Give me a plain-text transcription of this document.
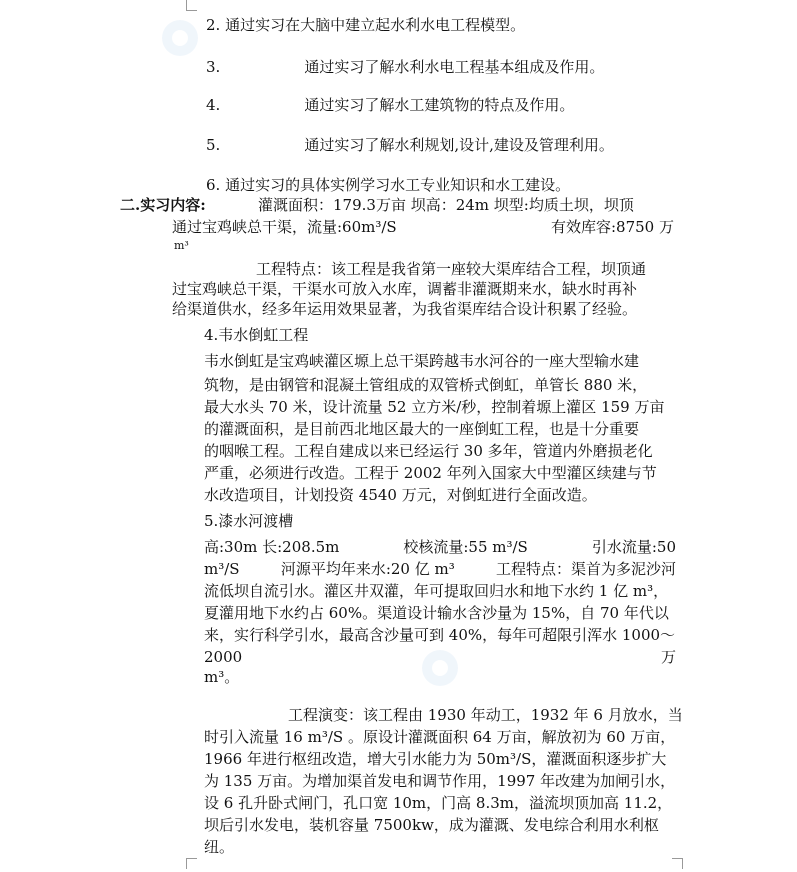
2. 通过实习在大脑中建立起水利水电工程模型。
3.	通过实习了解水利水电工程基本组成及作用。
4.	通过实习了解水工建筑物的特点及作用。
5.	通过实习了解水利规划,设计,建设及管理利用。
6. 通过实习的具体实例学习水工专业知识和水工建设。
二.实习内容:	灌溉面积：179.3万亩 坝高：24m 坝型:均质土坝，坝顶
通过宝鸡峡总干渠，流量:60m³/S	有效库容:8750 万
m³
工程特点：该工程是我省第一座较大渠库结合工程，坝顶通
过宝鸡峡总干渠，干渠水可放入水库，调蓄非灌溉期来水，缺水时再补
给渠道供水，经多年运用效果显著，为我省渠库结合设计积累了经验。
4.韦水倒虹工程
韦水倒虹是宝鸡峡灌区塬上总干渠跨越韦水河谷的一座大型输水建
筑物，是由钢管和混凝土管组成的双管桥式倒虹，单管长 880 米，
最大水头 70 米，设计流量 52 立方米/秒，控制着塬上灌区 159 万亩
的灌溉面积，是目前西北地区最大的一座倒虹工程，也是十分重要
的咽喉工程。工程自建成以来已经运行 30 多年，管道内外磨损老化
严重，必须进行改造。工程于 2002 年列入国家大中型灌区续建与节
水改造项目，计划投资 4540 万元，对倒虹进行全面改造。
5.漆水河渡槽
高:30m 长:208.5m	校核流量:55 m³/S	引水流量:50
m³/S	河源平均年来水:20 亿 m³	工程特点：渠首为多泥沙河
流低坝自流引水。灌区井双灌，年可提取回归水和地下水约 1 亿 m³，
夏灌用地下水约占 60%。渠道设计输水含沙量为 15%，自 70 年代以
来，实行科学引水，最高含沙量可到 40%，每年可超限引浑水 1000～
2000	万
m³。
工程演变：该工程由 1930 年动工，1932 年 6 月放水，当
时引入流量 16 m³/S 。原设计灌溉面积 64 万亩，解放初为 60 万亩，
1966 年进行枢纽改造，增大引水能力为 50m³/S，灌溉面积逐步扩大
为 135 万亩。为增加渠首发电和调节作用，1997 年改建为加闸引水，
设 6 孔升卧式闸门，孔口宽 10m，门高 8.3m，溢流坝顶加高 11.2，
坝后引水发电，装机容量 7500kw，成为灌溉、发电综合利用水利枢
纽。
